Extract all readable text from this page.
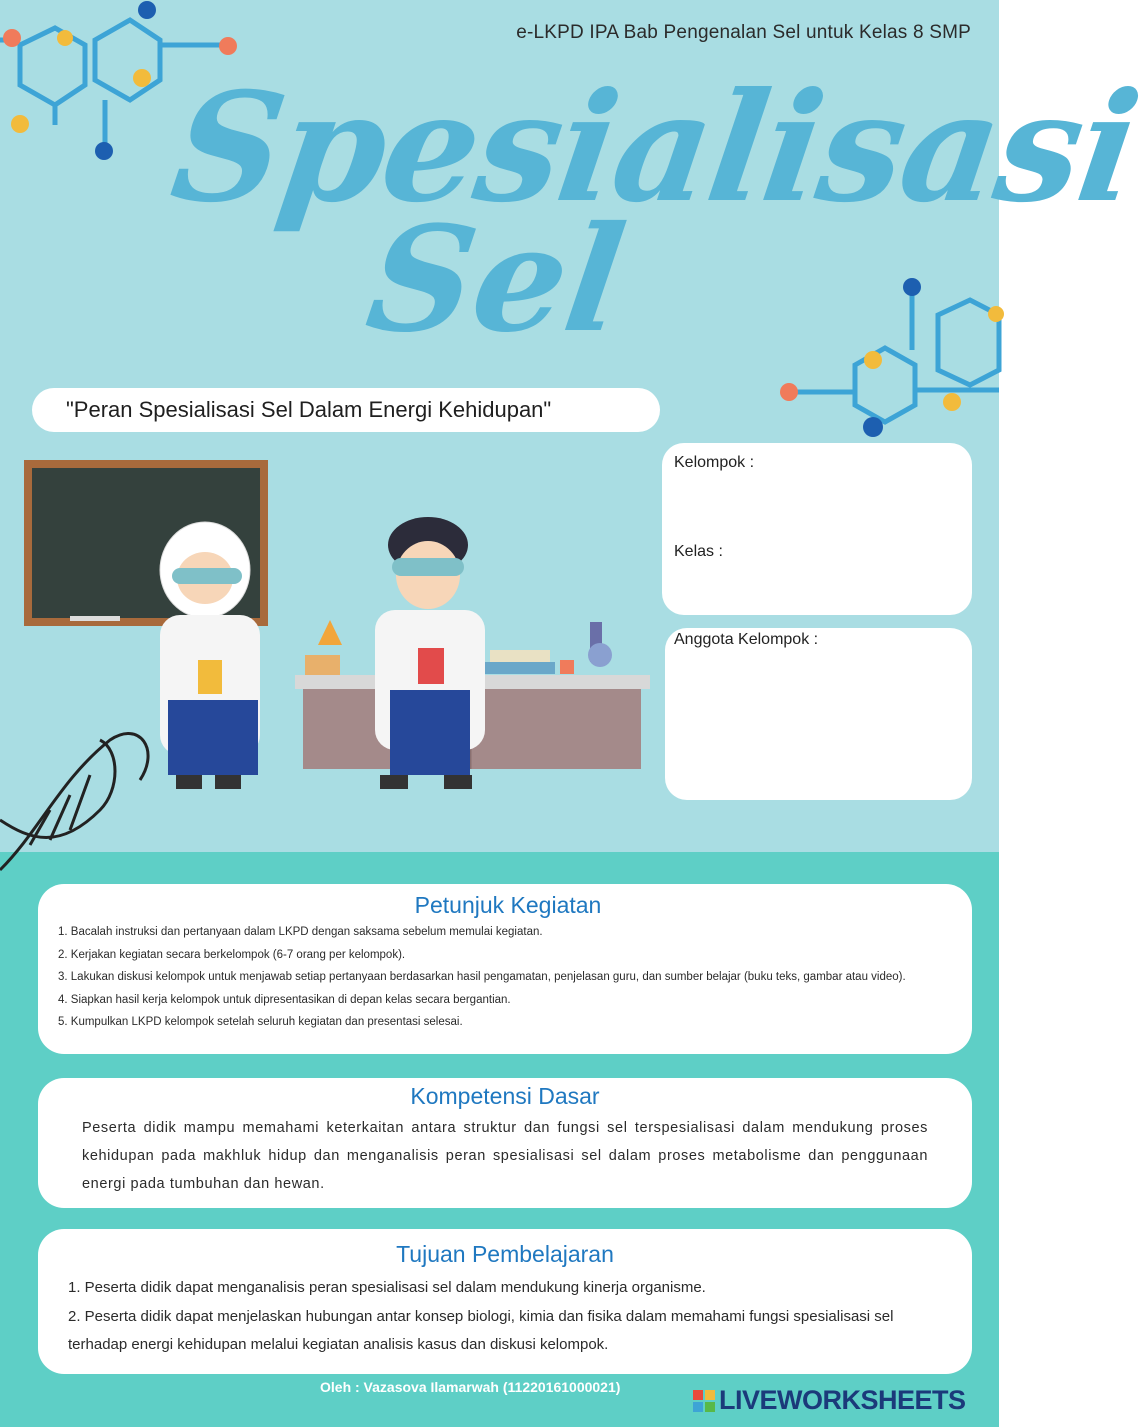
e-LKPD IPA Bab Pengenalan Sel untuk Kelas 8 SMP
Spesialisasi
Sel
"Peran Spesialisasi Sel Dalam Energi Kehidupan"
Kelompok :
Kelas :
Anggota Kelompok :
Petunjuk Kegiatan
1. Bacalah instruksi dan pertanyaan dalam LKPD dengan saksama sebelum memulai kegiatan.
2. Kerjakan kegiatan secara berkelompok (6-7 orang per kelompok).
3. Lakukan diskusi kelompok untuk menjawab setiap pertanyaan berdasarkan hasil pengamatan, penjelasan guru, dan sumber belajar (buku teks, gambar atau video).
4. Siapkan hasil kerja kelompok untuk dipresentasikan di depan kelas secara bergantian.
5. Kumpulkan LKPD kelompok setelah seluruh kegiatan dan presentasi selesai.
Kompetensi Dasar

Peserta didik mampu memahami keterkaitan antara struktur dan fungsi sel terspesialisasi dalam mendukung proses kehidupan pada makhluk hidup dan menganalisis peran spesialisasi sel dalam proses metabolisme dan penggunaan energi pada tumbuhan dan hewan.

Tujuan Pembelajaran
1. Peserta didik dapat menganalisis peran spesialisasi sel dalam mendukung kinerja organisme.
2. Peserta didik dapat menjelaskan hubungan antar konsep biologi, kimia dan fisika dalam memahami fungsi spesialisasi sel terhadap energi kehidupan melalui kegiatan analisis kasus dan diskusi kelompok.
Oleh : Vazasova Ilamarwah (11220161000021)	LIVEWORKSHEETS
